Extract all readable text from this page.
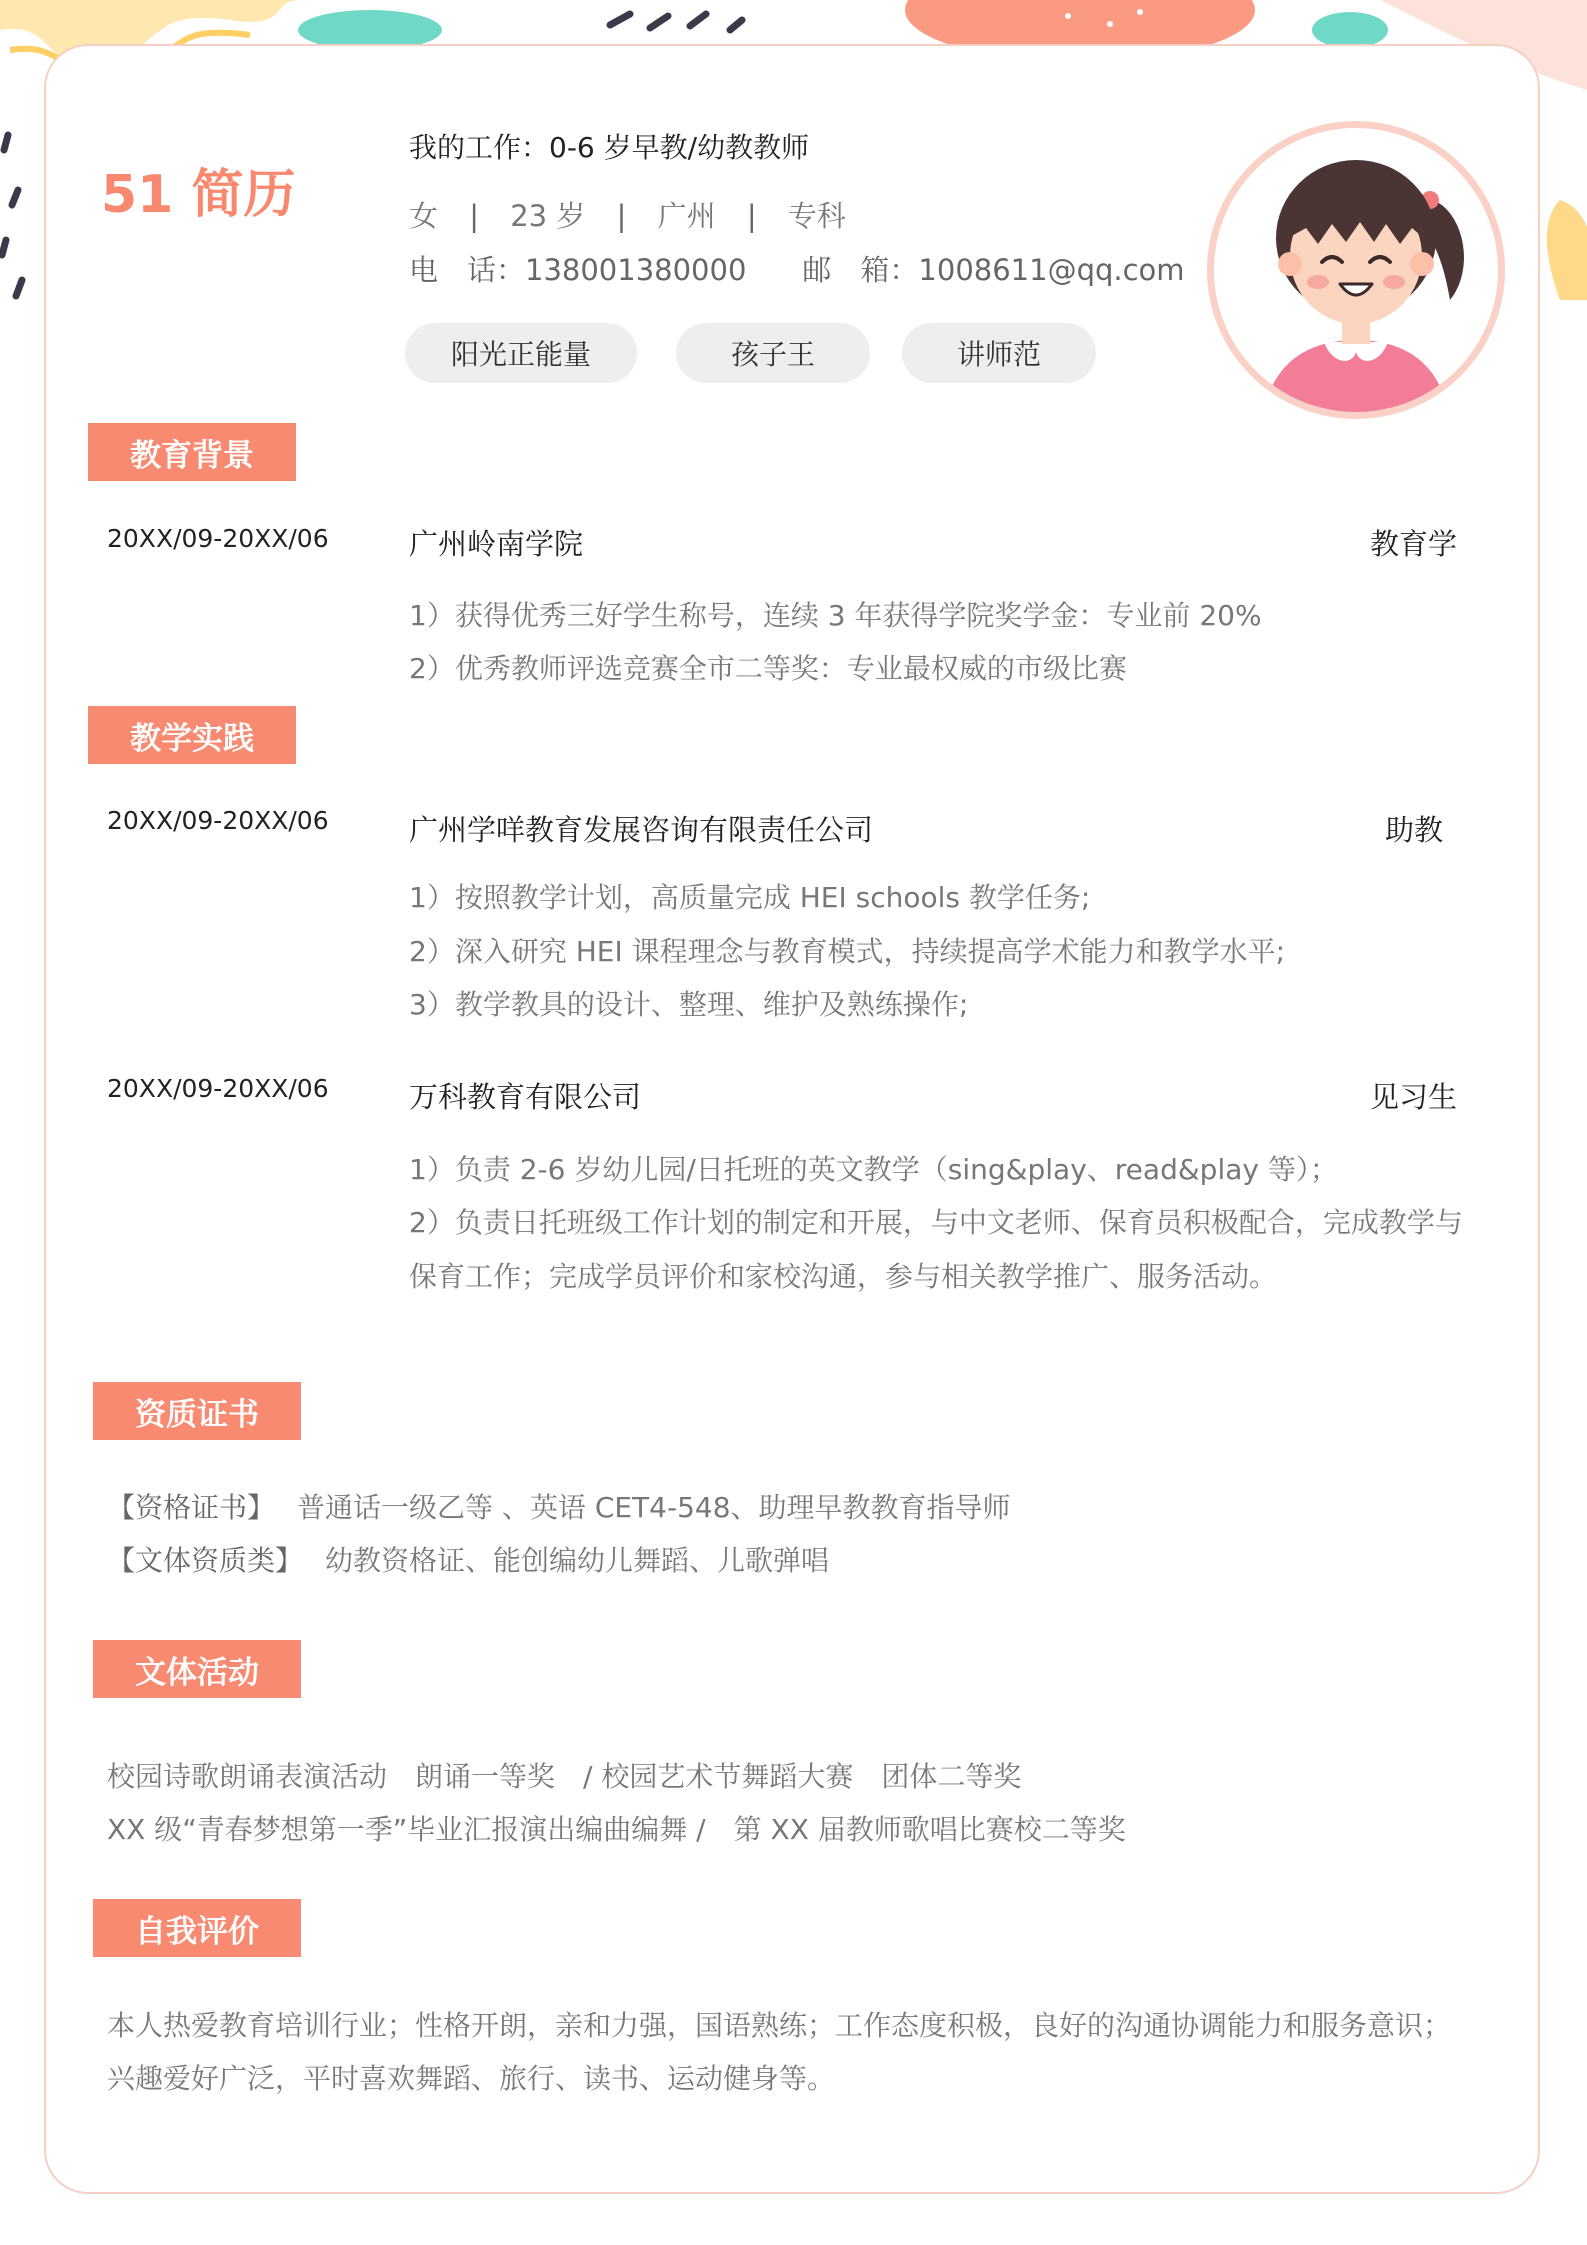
51 简历
我的工作：0-6 岁早教/幼教教师
女 | 23 岁 | 广州 | 专科
电　话：138001380000 邮　箱：1008611@qq.com
阳光正能量	孩子王	讲师范
教育背景
20XX/09-20XX/06	广州岭南学院	教育学
1）获得优秀三好学生称号，连续 3 年获得学院奖学金：专业前 20%
2）优秀教师评选竞赛全市二等奖：专业最权威的市级比赛
教学实践
20XX/09-20XX/06	广州学咩教育发展咨询有限责任公司	助教
1）按照教学计划，高质量完成 HEI schools 教学任务;
2）深入研究 HEI 课程理念与教育模式，持续提高学术能力和教学水平;
3）教学教具的设计、整理、维护及熟练操作;
20XX/09-20XX/06	万科教育有限公司	见习生
1）负责 2-6 岁幼儿园/日托班的英文教学（sing&play、read&play 等）；
2）负责日托班级工作计划的制定和开展，与中文老师、保育员积极配合，完成教学与
保育工作；完成学员评价和家校沟通，参与相关教学推广、服务活动。
资质证书
【资格证书】 普通话一级乙等 、英语 CET4-548、助理早教教育指导师
【文体资质类】 幼教资格证、能创编幼儿舞蹈、儿歌弹唱
文体活动
校园诗歌朗诵表演活动　朗诵一等奖　/ 校园艺术节舞蹈大赛　团体二等奖
XX 级“青春梦想第一季”毕业汇报演出编曲编舞 /　第 XX 届教师歌唱比赛校二等奖
自我评价
本人热爱教育培训行业；性格开朗，亲和力强，国语熟练；工作态度积极，良好的沟通协调能力和服务意识；
兴趣爱好广泛，平时喜欢舞蹈、旅行、读书、运动健身等。
